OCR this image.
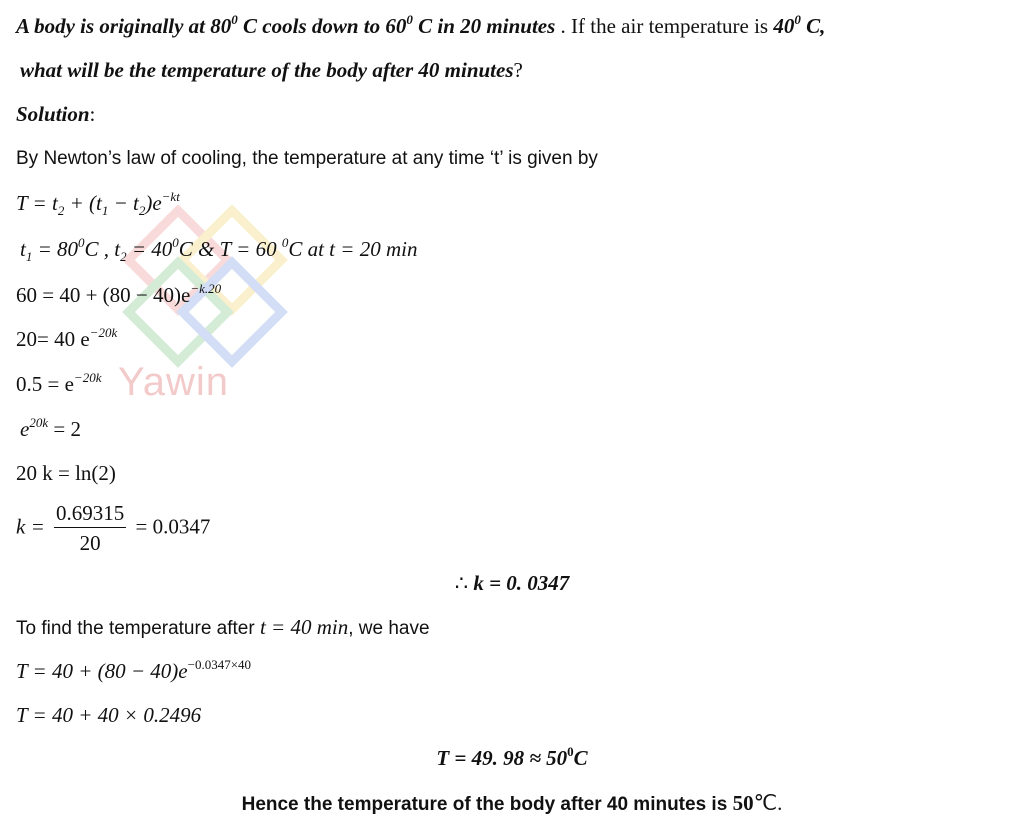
Yawin
A body is originally at $80^0$ C cools down to $60^0$ C in 20 minutes . If the air temperature is $40^0$ C,
what will be the temperature of the body after 40 minutes?
Solution:
By Newton’s law of cooling, the temperature at any time ‘t’ is given by
$T = t_2 + (t_1 - t_2)e^{-kt}$
$t_1 = 80^0C$ , $t_2 = 40^0C$ & T = 60 $^0$C at t = 20 min
$60 = 40 + (80 - 40)e^{-k.20}$
20= 40 $e^{-20k}$
$0.5 = e^{-20k}$
$e^{20k} = 2$
20 k = ln(2)
$k = \frac{0.69315}{20} = 0.0347$
∴ k = 0. 0347
To find the temperature after t = 40 min, we have
$T = 40 + (80 - 40)e^{-0.0347\times 40}$
T = 40 + 40 × 0.2496
T = 49. $98 \approx 50^0C$
Hence the temperature of the body after 40 minutes is 50℃.
